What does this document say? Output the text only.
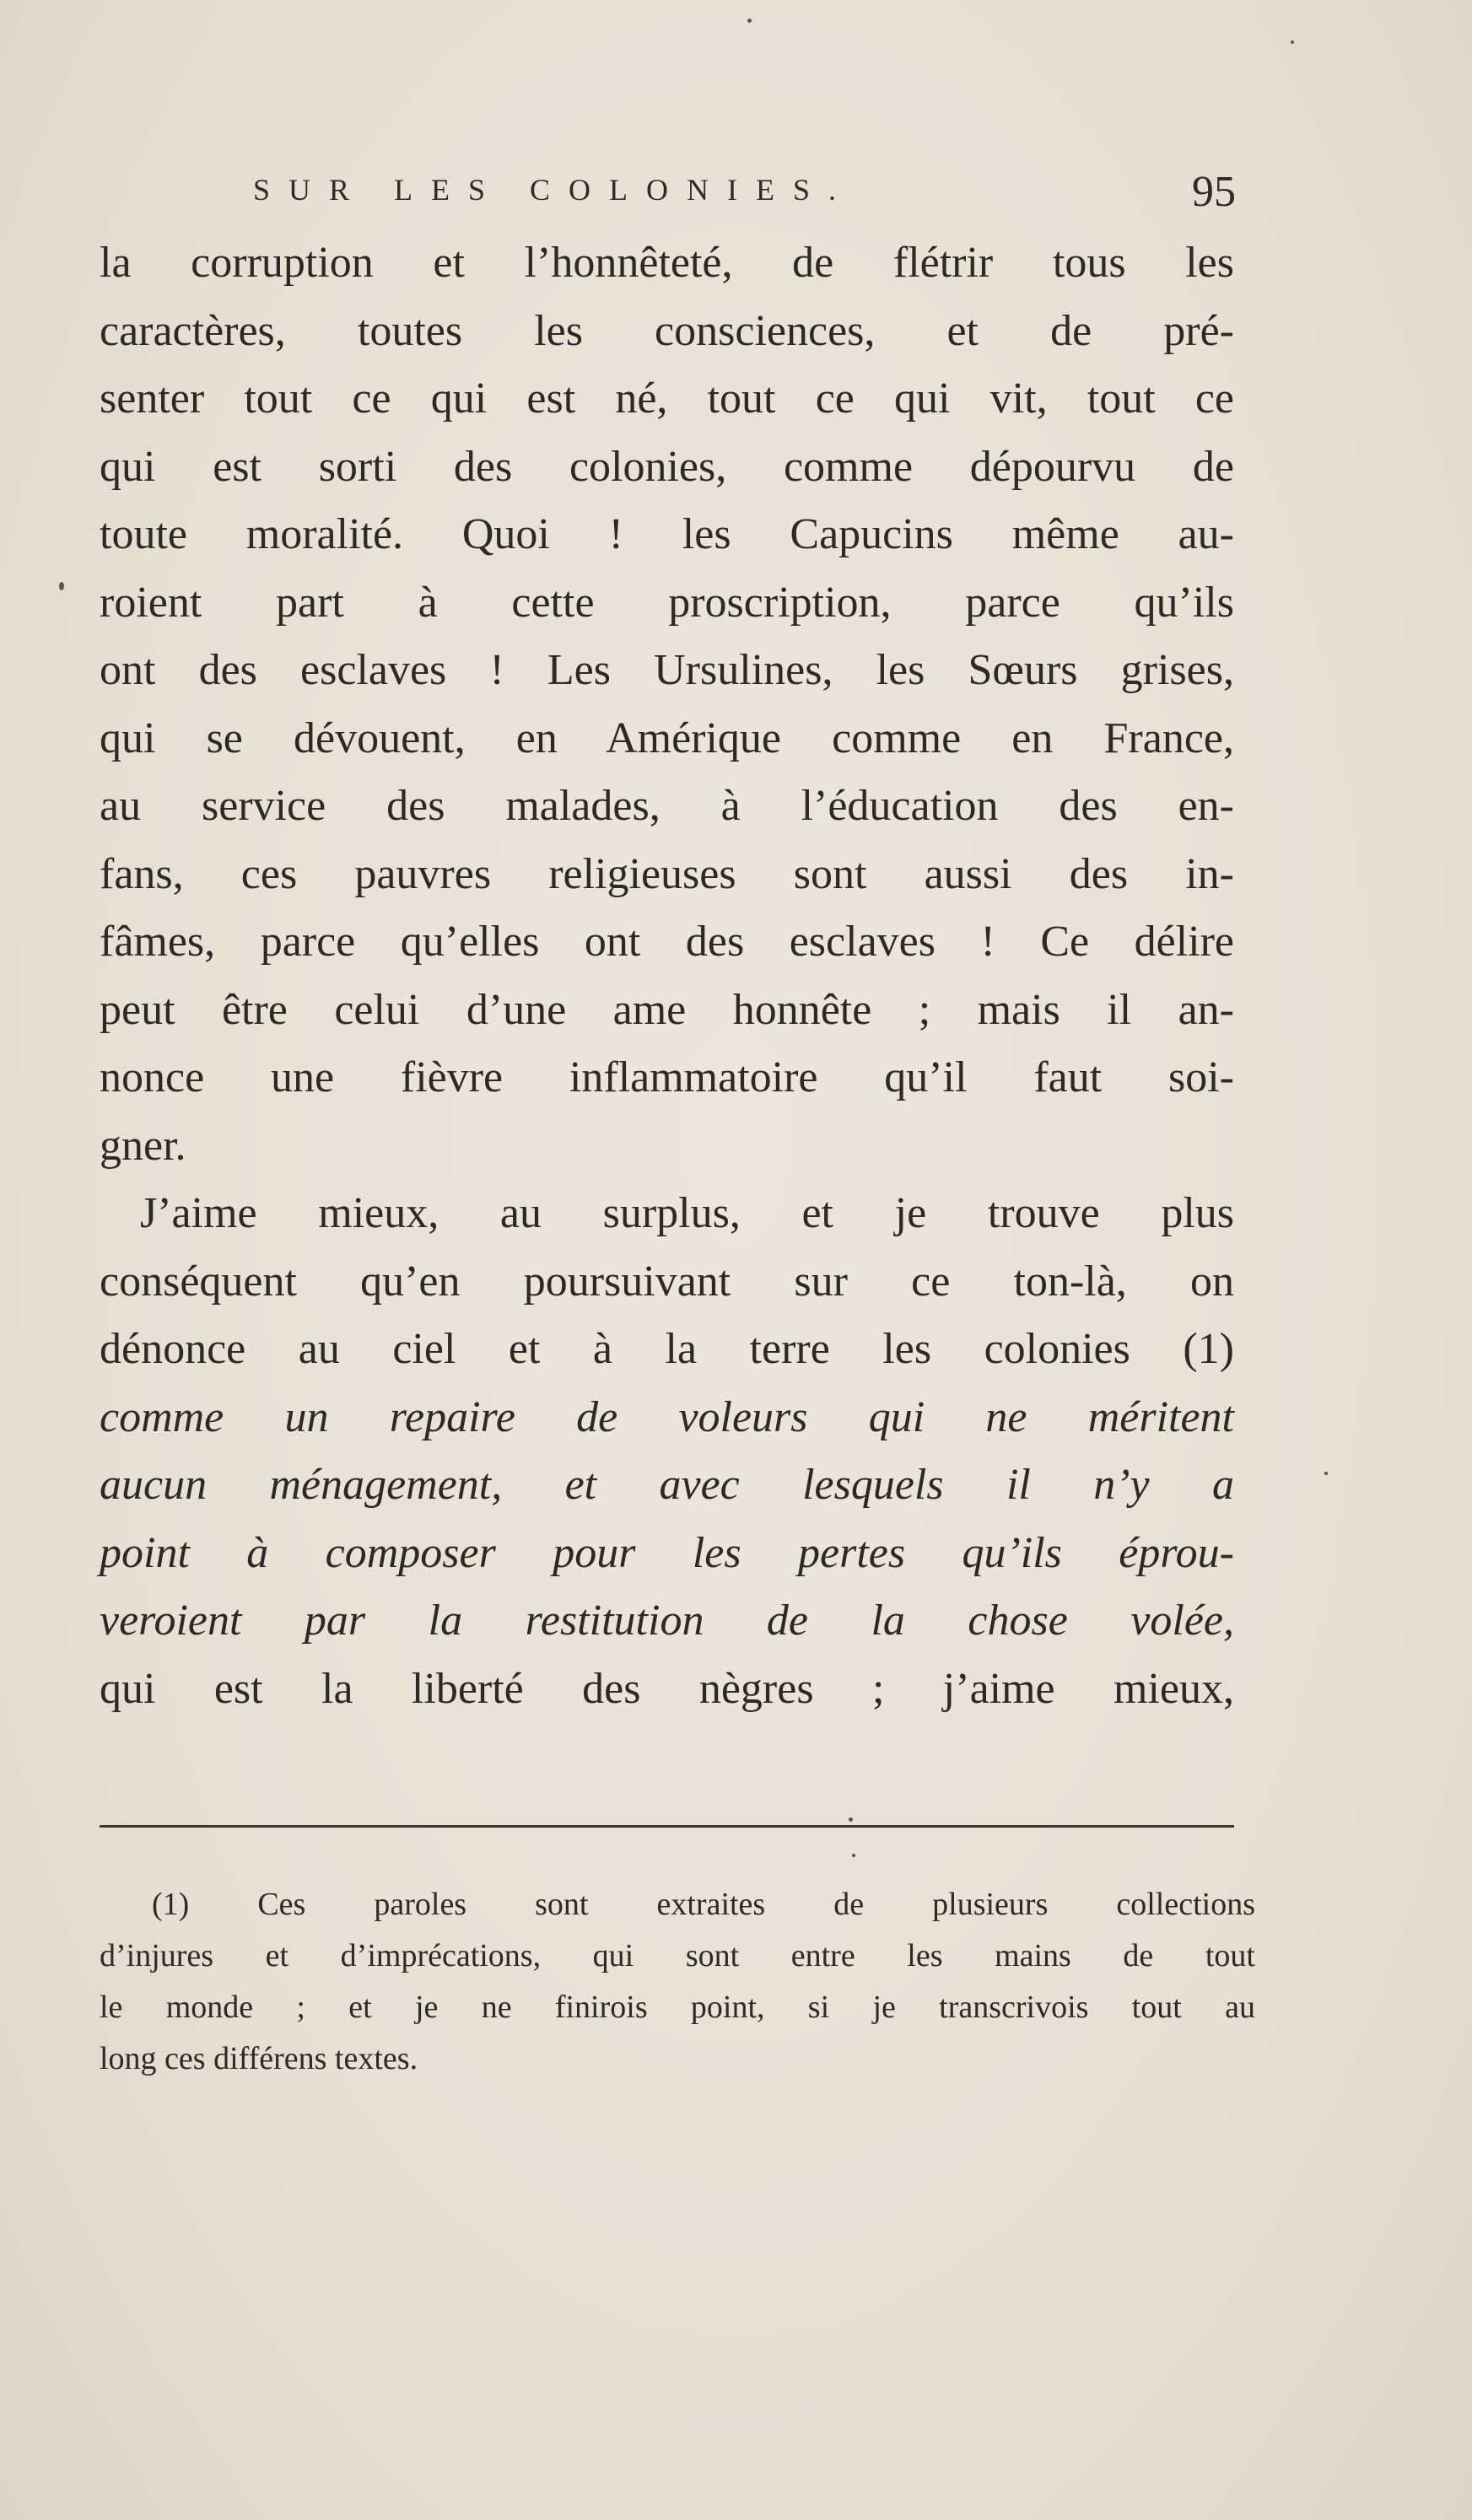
SUR LES COLONIES.	95
la corruption et l’honnêteté, de flétrir tous les
caractères, toutes les consciences, et de pré-
senter tout ce qui est né, tout ce qui vit, tout ce
qui est sorti des colonies, comme dépourvu de
toute moralité. Quoi ! les Capucins même au-
roient part à cette proscription, parce qu’ils
ont des esclaves ! Les Ursulines, les Sœurs grises,
qui se dévouent, en Amérique comme en France,
au service des malades, à l’éducation des en-
fans, ces pauvres religieuses sont aussi des in-
fâmes, parce qu’elles ont des esclaves ! Ce délire
peut être celui d’une ame honnête ; mais il an-
nonce une fièvre inflammatoire qu’il faut soi-
gner.
J’aime mieux, au surplus, et je trouve plus
conséquent qu’en poursuivant sur ce ton-là, on
dénonce au ciel et à la terre les colonies (1)
comme un repaire de voleurs qui ne méritent
aucun ménagement, et avec lesquels il n’y a
point à composer pour les pertes qu’ils éprou-
veroient par la restitution de la chose volée,
qui est la liberté des nègres ; j’aime mieux,
(1) Ces paroles sont extraites de plusieurs collections
d’injures et d’imprécations, qui sont entre les mains de tout
le monde ; et je ne finirois point, si je transcrivois tout au
long ces différens textes.
